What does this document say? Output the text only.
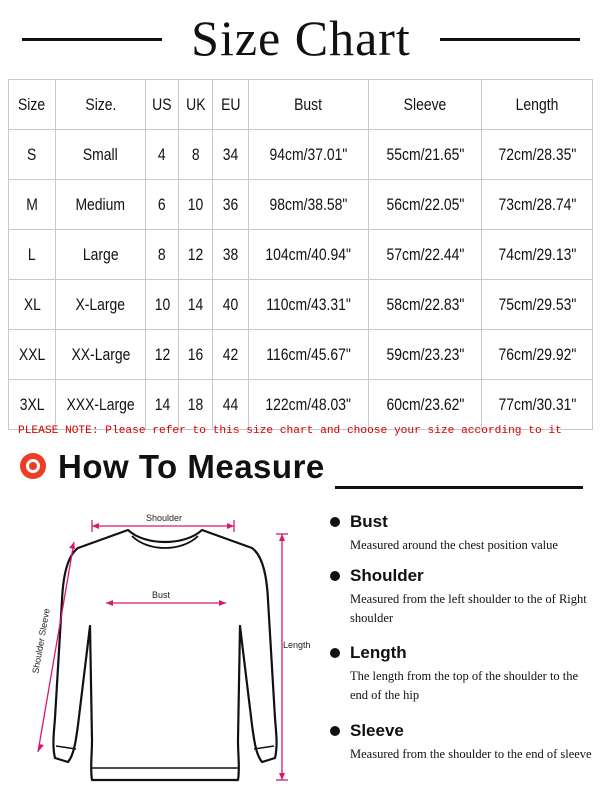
Size Chart
Size	Size.	US	UK	EU	Bust	Sleeve	Length
S	Small	4	8	34	94cm/37.01"	55cm/21.65"	72cm/28.35"
M	Medium	6	10	36	98cm/38.58"	56cm/22.05"	73cm/28.74"
L	Large	8	12	38	104cm/40.94"	57cm/22.44"	74cm/29.13"
XL	X-Large	10	14	40	110cm/43.31"	58cm/22.83"	75cm/29.53"
XXL	XX-Large	12	16	42	116cm/45.67"	59cm/23.23"	76cm/29.92"
3XL	XXX-Large	14	18	44	122cm/48.03"	60cm/23.62"	77cm/30.31"
PLEASE NOTE: Please refer to this size chart and choose your size according to it
How To Measure
Shoulder
Bust
Length
Shoulder Sleeve
Bust
Measured around the chest position value
Shoulder
Measured from the left shoulder to the of Right shoulder
Length
The length from the top of the shoulder to the end of the hip
Sleeve
Measured from the shoulder to the end of sleeve
